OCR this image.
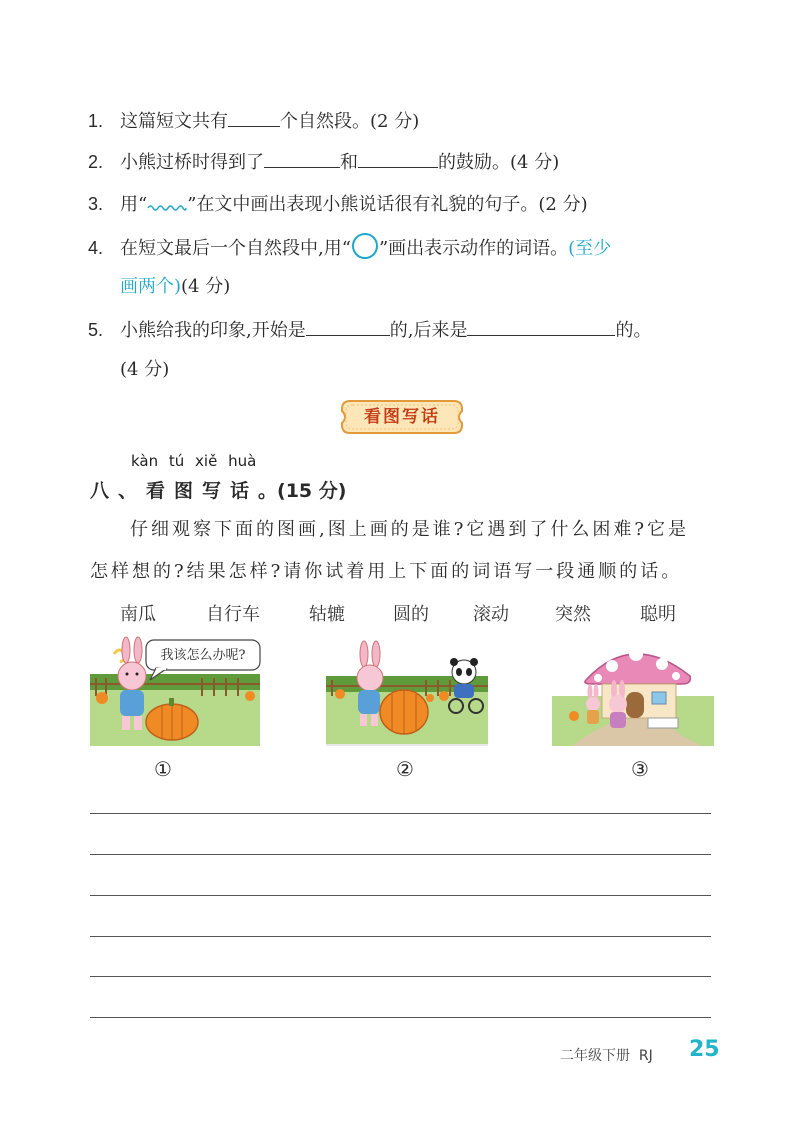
1. 这篇短文共有	个自然段。(2 分)
2. 小熊过桥时得到了	和	的鼓励。(4 分)
3. 用“ ”在文中画出表现小熊说话很有礼貌的句子。(2 分)
4. 在短文最后一个自然段中,用“○”画出表示动作的词语。(至少
画两个)(4 分)
5. 小熊给我的印象,开始是	的,后来是	的。
(4 分)
看图写话
kàn tú xiě huà
八、看图写话。(15 分)
仔细观察下面的图画,图上画的是谁?它遇到了什么困难?它是
怎样想的?结果怎样?请你试着用上下面的词语写一段通顺的话。
南瓜	自行车	轱辘	圆的 滚动	突然	聪明
我该怎么办呢?
①	②	③
二年级下册 RJ 25
